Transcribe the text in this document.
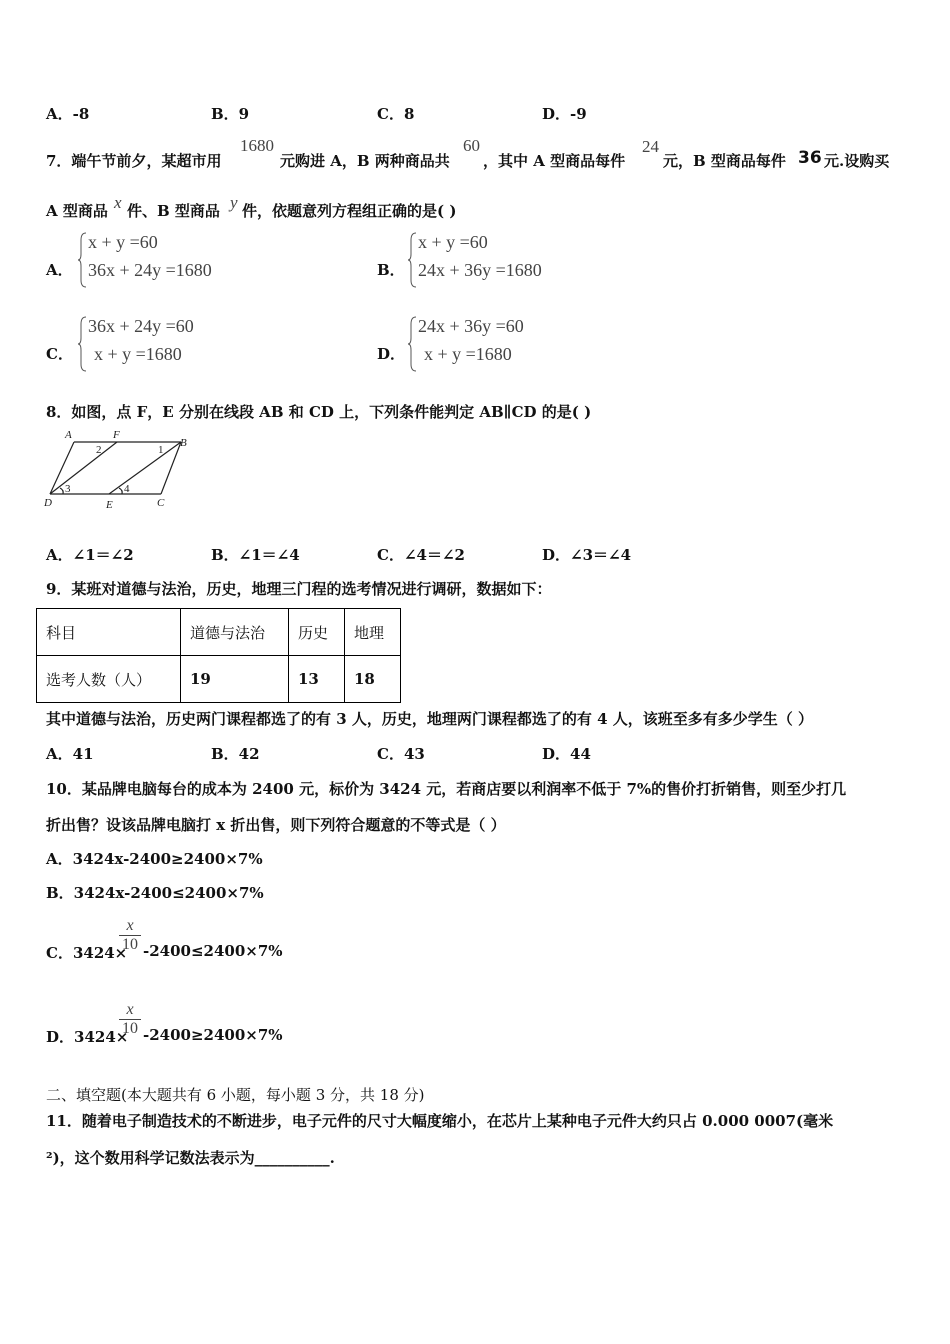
A．-8	B．9	C．8	D．-9
7．端午节前夕，某超市用
1680
元购进 A，B 两种商品共
60
，其中 A 型商品每件
24
元，B 型商品每件 36 元.设购买
A 型商品 x 件、B 型商品 y 件，依题意列方程组正确的是( )
A．
x + y =60
36x + 24y =1680	B．
x + y =60
24x + 36y =1680
C．
36x + 24y =60
x + y =1680	D．
24x + 36y =60
x + y =1680
8．如图，点 F，E 分别在线段 AB 和 CD 上，下列条件能判定 AB∥CD 的是( )
A	F
B
D	E	C
2	1
3	4
A．∠1＝∠2	B．∠1＝∠4	C．∠4＝∠2	D．∠3＝∠4
9．某班对道德与法治，历史，地理三门程的选考情况进行调研，数据如下：
科目	道德与法治	历史	地理
选考人数（人）	19	13	18
其中道德与法治，历史两门课程都选了的有 3 人，历史，地理两门课程都选了的有 4 人，该班至多有多少学生（ ）
A．41	B．42	C．43	D．44
10．某品牌电脑每台的成本为 2400 元，标价为 3424 元，若商店要以利润率不低于 7%的售价打折销售，则至少打几
折出售？设该品牌电脑打 x 折出售，则下列符合题意的不等式是（ ）
A．3424x-2400≥2400×7%
B．3424x-2400≤2400×7%
C．3424×
x
10 -2400≤2400×7%
D．3424×
x
10 -2400≥2400×7%
二、填空题(本大题共有 6 小题，每小题 3 分，共 18 分)
11．随着电子制造技术的不断进步，电子元件的尺寸大幅度缩小，在芯片上某种电子元件大约只占 0.000 0007(毫米
²)，这个数用科学记数法表示为__________.
